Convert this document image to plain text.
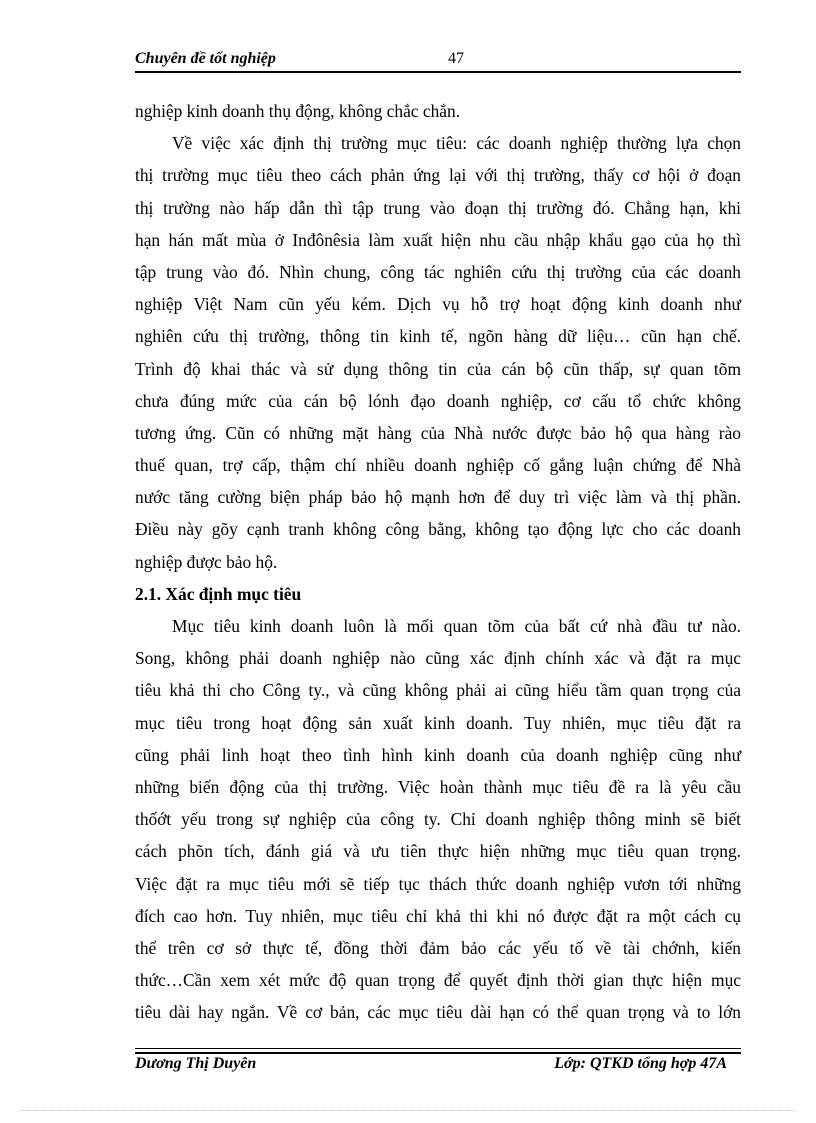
Chuyên đề tốt nghiệp	47
nghiệp kinh doanh thụ động, không chắc chắn.
Về việc xác định thị trường mục tiêu: các doanh nghiệp thường lựa chọn
thị trường mục tiêu theo cách phản ứng lại với thị trường, thấy cơ hội ở đoạn
thị trường nào hấp dẫn thì tập trung vào đoạn thị trường đó. Chẳng hạn, khi
hạn hán mất mùa ở Inđônêsia làm xuất hiện nhu cầu nhập khẩu gạo của họ thì
tập trung vào đó. Nhìn chung, công tác nghiên cứu thị trường của các doanh
nghiệp Việt Nam cũn yếu kém. Dịch vụ hỗ trợ hoạt động kinh doanh như
nghiên cứu thị trường, thông tin kinh tế, ngõn hàng dữ liệu… cũn hạn chế.
Trình độ khai thác và sử dụng thông tin của cán bộ cũn thấp, sự quan tõm
chưa đúng mức của cán bộ lónh đạo doanh nghiệp, cơ cấu tổ chức không
tương ứng. Cũn có những mặt hàng của Nhà nước được bảo hộ qua hàng rào
thuế quan, trợ cấp, thậm chí nhiều doanh nghiệp cố gắng luận chứng để Nhà
nước tăng cường biện pháp bảo hộ mạnh hơn để duy trì việc làm và thị phần.
Điều này gõy cạnh tranh không công bằng, không tạo động lực cho các doanh
nghiệp được bảo hộ.
2.1. Xác định mục tiêu
Mục tiêu kinh doanh luôn là mối quan tõm của bất cứ nhà đầu tư nào.
Song, không phải doanh nghiệp nào cũng xác định chính xác và đặt ra mục
tiêu khả thi cho Công ty., và cũng không phải ai cũng hiểu tầm quan trọng của
mục tiêu trong hoạt động sản xuất kinh doanh. Tuy nhiên, mục tiêu đặt ra
cũng phải linh hoạt theo tình hình kinh doanh của doanh nghiệp cũng như
những biến động của thị trường. Việc hoàn thành mục tiêu đề ra là yêu cầu
thốớt yếu trong sự nghiệp của công ty. Chỉ doanh nghiệp thông minh sẽ biết
cách phõn tích, đánh giá và ưu tiên thực hiện những mục tiêu quan trọng.
Việc đặt ra mục tiêu mới sẽ tiếp tục thách thức doanh nghiệp vươn tới những
đích cao hơn. Tuy nhiên, mục tiêu chỉ khả thi khi nó được đặt ra một cách cụ
thể trên cơ sở thực tế, đồng thời đảm bảo các yếu tố về tài chớnh, kiến
thức…Cần xem xét mức độ quan trọng để quyết định thời gian thực hiện mục
tiêu dài hay ngắn. Về cơ bản, các mục tiêu dài hạn có thể quan trọng và to lớn
Dương Thị Duyên	Lớp: QTKD tổng hợp 47A
